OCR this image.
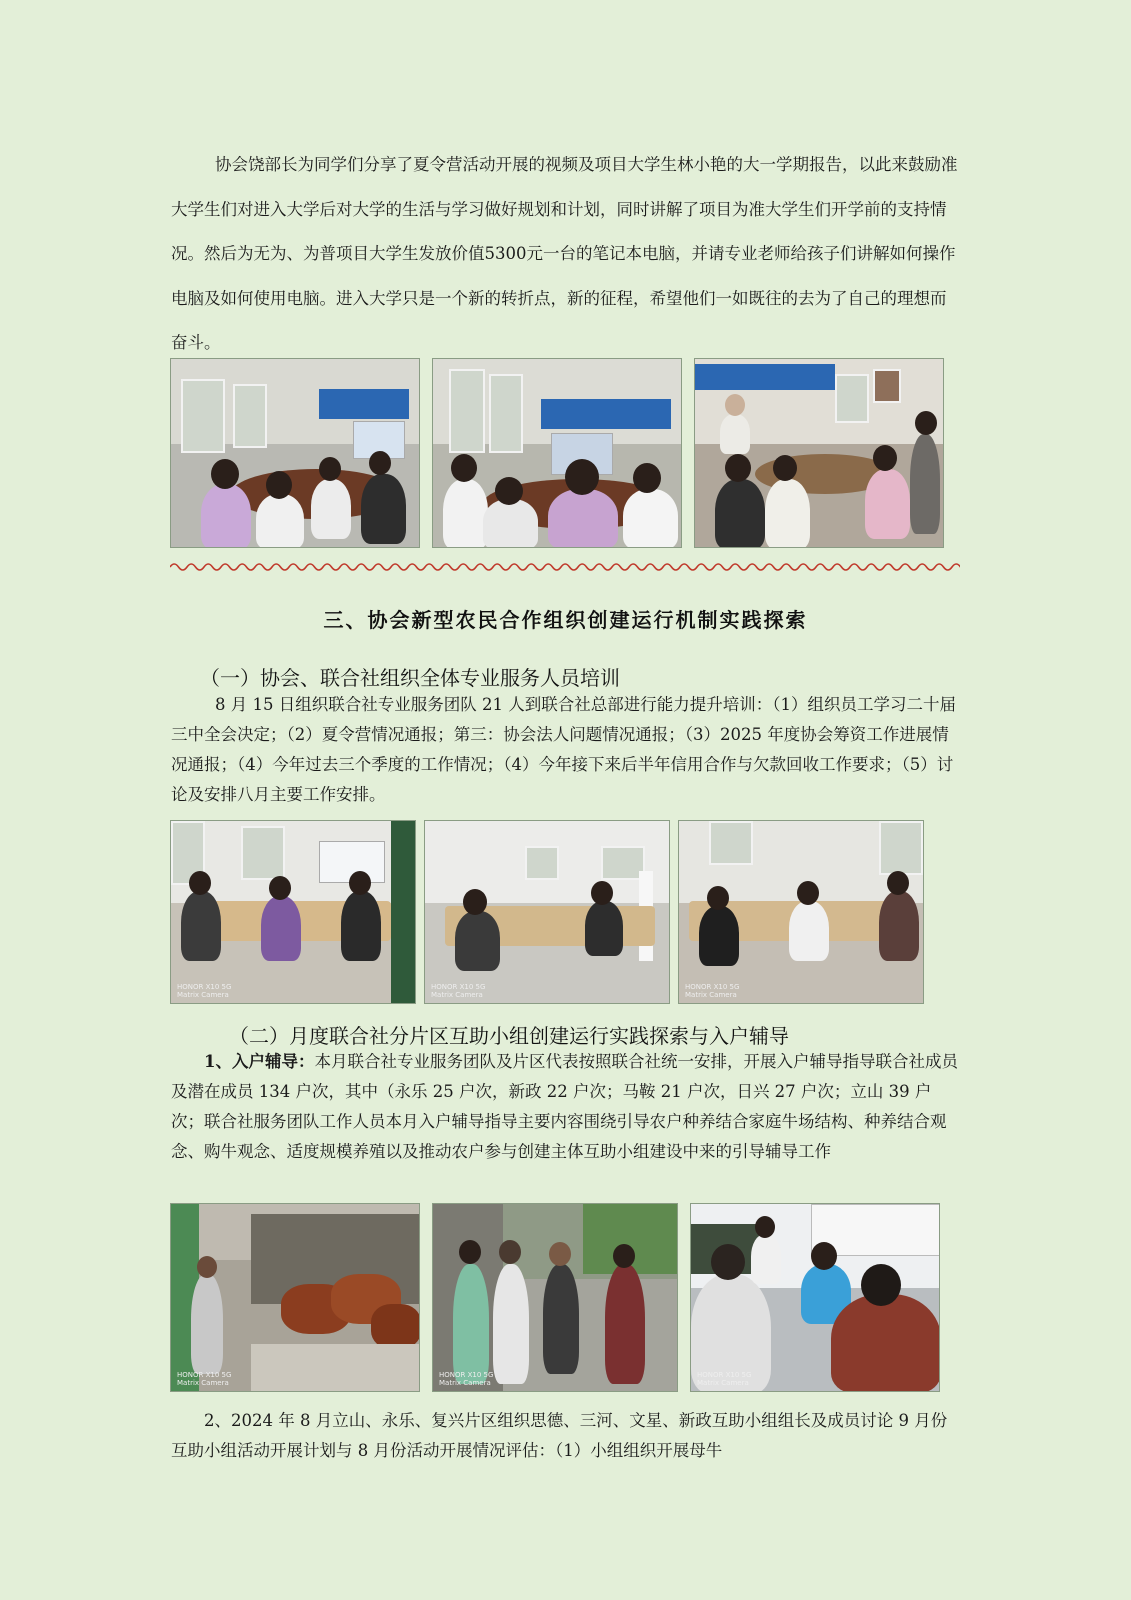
协会饶部长为同学们分享了夏令营活动开展的视频及项目大学生林小艳的大一学期报告，以此来鼓励准大学生们对进入大学后对大学的生活与学习做好规划和计划，同时讲解了项目为准大学生们开学前的支持情况。然后为无为、为普项目大学生发放价值5300元一台的笔记本电脑，并请专业老师给孩子们讲解如何操作电脑及如何使用电脑。进入大学只是一个新的转折点，新的征程，希望他们一如既往的去为了自己的理想而奋斗。

三、协会新型农民合作组织创建运行机制实践探索
（一）协会、联合社组织全体专业服务人员培训

8 月 15 日组织联合社专业服务团队 21 人到联合社总部进行能力提升培训：（1）组织员工学习二十届三中全会决定；（2）夏令营情况通报；第三：协会法人问题情况通报；（3）2025 年度协会筹资工作进展情况通报；（4）今年过去三个季度的工作情况；（4）今年接下来后半年信用合作与欠款回收工作要求；（5）讨论及安排八月主要工作安排。

HONOR X10 5G
Matrix Camera
HONOR X10 5G
Matrix Camera
HONOR X10 5G
Matrix Camera
（二）月度联合社分片区互助小组创建运行实践探索与入户辅导

1、入户辅导：本月联合社专业服务团队及片区代表按照联合社统一安排，开展入户辅导指导联合社成员及潜在成员 134 户次，其中（永乐 25 户次，新政 22 户次；马鞍 21 户次，日兴 27 户次；立山 39 户次；联合社服务团队工作人员本月入户辅导指导主要内容围绕引导农户种养结合家庭牛场结构、种养结合观念、购牛观念、适度规模养殖以及推动农户参与创建主体互助小组建设中来的引导辅导工作

HONOR X10 5G
Matrix Camera
HONOR X10 5G
Matrix Camera
HONOR X10 5G
Matrix Camera

2、2024 年 8 月立山、永乐、复兴片区组织思德、三河、文星、新政互助小组组长及成员讨论 9 月份互助小组活动开展计划与 8 月份活动开展情况评估：（1）小组组织开展母牛
